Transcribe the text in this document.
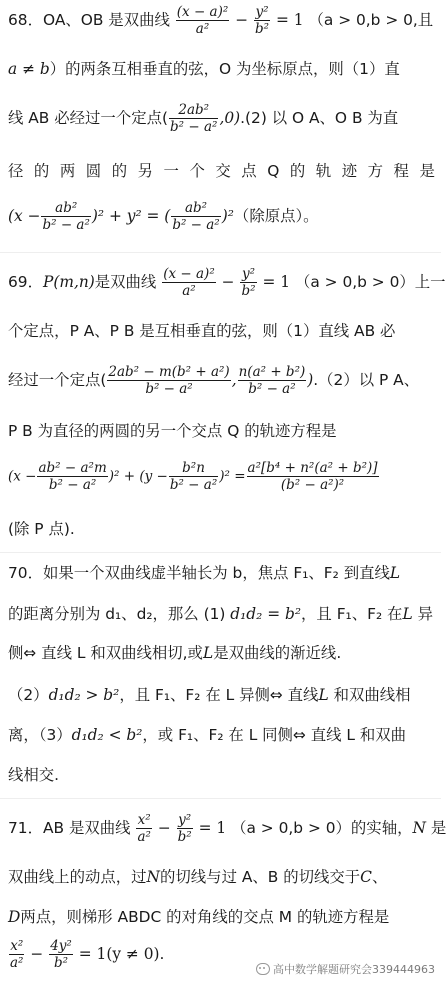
68．OA、OB 是双曲线 $\frac{\text{(x − a)²}}{\text{a²}} - \frac{\text{y²}}{\text{b²}} = 1$ （a > 0,b > 0,且
a ≠ b）的两条互相垂直的弦，O 为坐标原点，则（1）直
线 AB 必经过一个定点( $\frac{\text{2ab²}}{\text{b² − a²}} ,0).(2)$ 以 O A、O B 为直
径 的 两 圆 的 另 一 个 交 点 Q 的 轨 迹 方 程 是
$(x - \frac{\text{ab²}}{\text{b² − a²}} )^2 + y^2$ = ( $\frac{\text{ab²}}{\text{b² − a²}} )^2$（除原点）。
69．P(m,n)是双曲线 $\frac{\text{(x − a)²}}{\text{a²}} - \frac{\text{y²}}{\text{b²}} = 1$ （a > 0,b > 0）上一
个定点，P A、P B 是互相垂直的弦，则（1）直线 AB 必
经过一个定点( $\frac{\text{2ab² − m(b² + a²)}}{\text{b² − a²}}$ , $\frac{\text{n(a² + b²)}}{\text{b² − a²}} ).(2)$以 P A、
P B 为直径的两圆的另一个交点 Q 的轨迹方程是
$(x - \frac{\text{ab² − a²m}}{\text{b² − a²}} )^2 + (y - \frac{\text{b²n}}{\text{b² − a²}} )^2 = \frac{\text{a²[b⁴ + n²(a² + b²)]}}{\text{(b² − a²)²}}$
(除 P 点).
70．如果一个双曲线虚半轴长为 b，焦点 F₁、F₂ 到直线L
的距离分别为 d₁、d₂，那么 (1) d₁d₂ = b²，且 F₁、F₂ 在L 异
侧⇔ 直线 L 和双曲线相切,或L是双曲线的渐近线.
（2）d₁d₂ > b²，且 F₁、F₂ 在 L 异侧⇔ 直线L 和双曲线相
离，（3）d₁d₂ < b²，或 F₁、F₂ 在 L 同侧⇔ 直线 L 和双曲
线相交.
71．AB 是双曲线 $\frac{\text{x²}}{\text{a²}} - \frac{\text{y²}}{\text{b²}} = 1$ （a > 0,b > 0）的实轴，N 是
双曲线上的动点，过N的切线与过 A、B 的切线交于C、
D两点，则梯形 ABDC 的对角线的交点 M 的轨迹方程是
$\frac{\text{x²}}{\text{a²}} - \frac{\text{4y²}}{\text{b²}} = 1(y \ne 0)$.
高中数学解题研究会339444963
